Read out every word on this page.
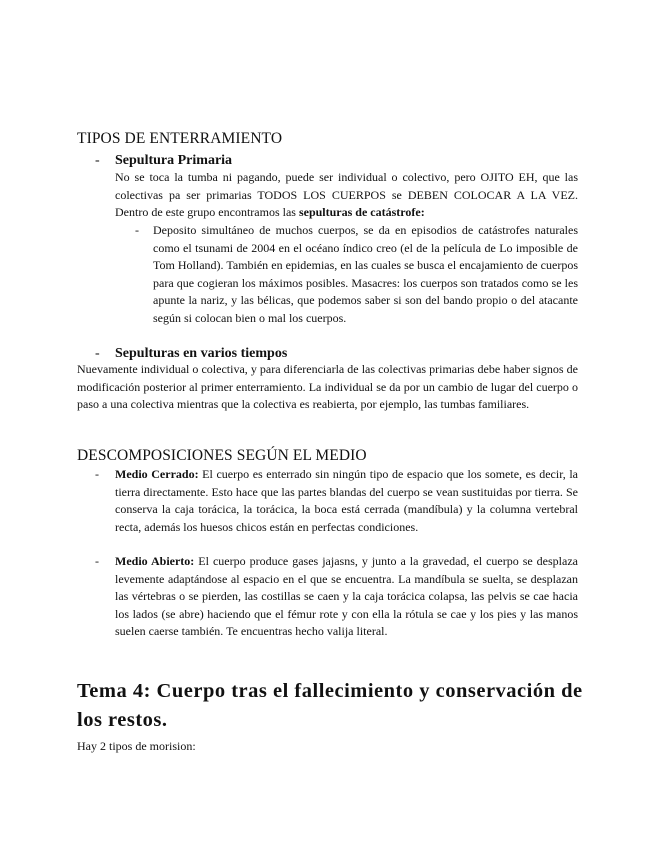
TIPOS DE ENTERRAMIENTO
- Sepultura Primaria

No se toca la tumba ni pagando, puede ser individual o colectivo, pero OJITO EH, que las colectivas pa ser primarias TODOS LOS CUERPOS se DEBEN COLOCAR A LA VEZ. Dentro de este grupo encontramos las sepulturas de catástrofe:

- Deposito simultáneo de muchos cuerpos, se da en episodios de catástrofes naturales como el tsunami de 2004 en el océano índico creo (el de la película de Lo imposible de Tom Holland). También en epidemias, en las cuales se busca el encajamiento de cuerpos para que cogieran los máximos posibles. Masacres: los cuerpos son tratados como se les apunte la nariz, y las bélicas, que podemos saber si son del bando propio o del atacante según si colocan bien o mal los cuerpos.

- Sepulturas en varios tiempos

Nuevamente individual o colectiva, y para diferenciarla de las colectivas primarias debe haber signos de modificación posterior al primer enterramiento. La individual se da por un cambio de lugar del cuerpo o paso a una colectiva mientras que la colectiva es reabierta, por ejemplo, las tumbas familiares.

DESCOMPOSICIONES SEGÚN EL MEDIO
- Medio Cerrado: El cuerpo es enterrado sin ningún tipo de espacio que los somete, es decir, la tierra directamente. Esto hace que las partes blandas del cuerpo se vean sustituidas por tierra. Se conserva la caja torácica, la torácica, la boca está cerrada (mandíbula) y la columna vertebral recta, además los huesos chicos están en perfectas condiciones.

- Medio Abierto: El cuerpo produce gases jajasns, y junto a la gravedad, el cuerpo se desplaza levemente adaptándose al espacio en el que se encuentra. La mandíbula se suelta, se desplazan las vértebras o se pierden, las costillas se caen y la caja torácica colapsa, las pelvis se cae hacia los lados (se abre) haciendo que el fémur rote y con ella la rótula se cae y los pies y las manos suelen caerse también. Te encuentras hecho valija literal.

Tema 4: Cuerpo tras el fallecimiento y conservación de los restos.

Hay 2 tipos de morision:
